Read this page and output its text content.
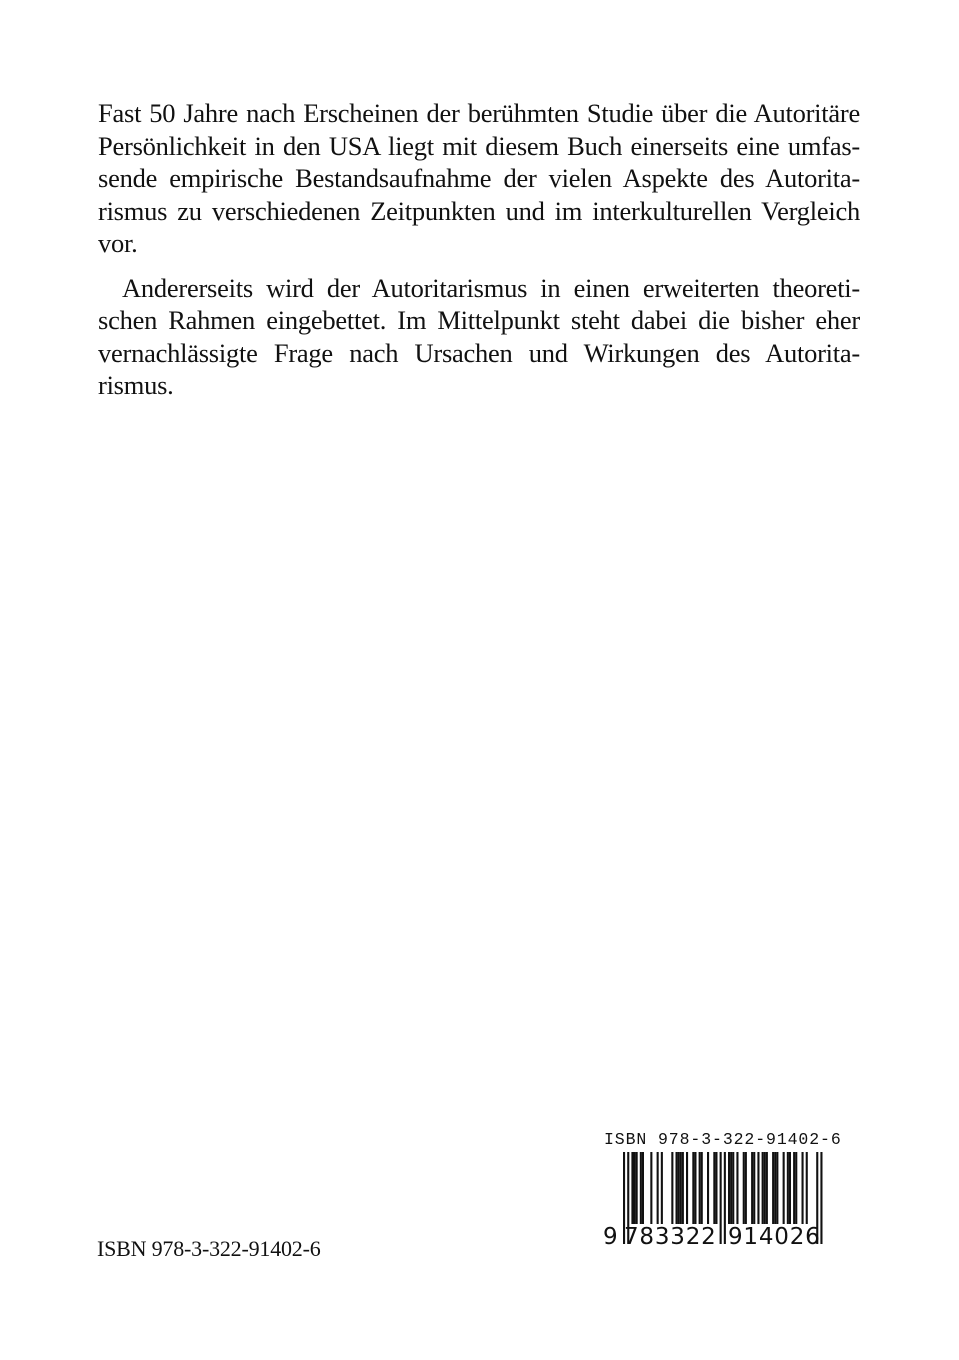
Fast 50 Jahre nach Erscheinen der berühmten Studie über die Autoritäre
Persönlichkeit in den USA liegt mit diesem Buch einerseits eine umfas-
sende empirische Bestandsaufnahme der vielen Aspekte des Autorita-
rismus zu verschiedenen Zeitpunkten und im interkulturellen Vergleich
vor.

Andererseits wird der Autoritarismus in einen erweiterten theoreti-
schen Rahmen eingebettet. Im Mittelpunkt steht dabei die bisher eher
vernachlässigte Frage nach Ursachen und Wirkungen des Autorita-
rismus.

ISBN 978-3-322-91402-6
ISBN 978-3-322-91402-6
9 783322 914026
